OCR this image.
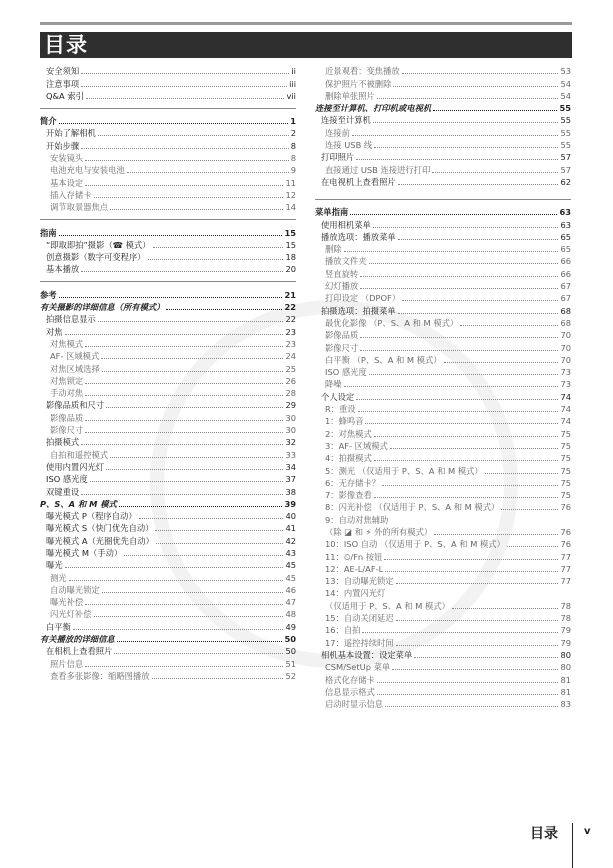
目录
安全须知	ii
注意事项	iii
Q&A 索引	vii
简介	1
开始了解相机	2
开始步骤	8
安装镜头	8
电池充电与安装电池	9
基本设定	11
插入存储卡	12
调节取景器焦点	14
指南	15
“即取即拍”摄影（☎ 模式）	15
创意摄影（数字可变程序）	18
基本播放	20
参考	21
有关摄影的详细信息（所有模式）	22
拍摄信息显示	22
对焦	23
对焦模式	23
AF- 区域模式	24
对焦区域选择	25
对焦锁定	26
手动对焦	28
影像品质和尺寸	29
影像品质	30
影像尺寸	30
拍摄模式	32
自拍和遥控模式	33
使用内置闪光灯	34
ISO 感光度	37
双键重设	38
P、S、A 和 M 模式	39
曝光模式 P（程序自动）	40
曝光模式 S（快门优先自动）	41
曝光模式 A（光圈优先自动）	42
曝光模式 M（手动）	43
曝光	45
测光	45
自动曝光锁定	46
曝光补偿	47
闪光灯补偿	48
白平衡	49
有关播放的详细信息	50
在相机上查看照片	50
照片信息	51
查看多张影像：缩略图播放	52
近景观看：变焦播放	53
保护照片不被删除	54
删除单张照片	54
连接至计算机、打印机或电视机	55
连接至计算机	55
连接前	55
连接 USB 线	55
打印照片	57
直接通过 USB 连接进行打印	57
在电视机上查看照片	62
菜单指南	63
使用相机菜单	63
播放选项：播放菜单	65
删除	65
播放文件夹	66
竖直旋转	66
幻灯播放	67
打印设定 （DPOF）	67
拍摄选项：拍摄菜单	68
最优化影像 （P、S、A 和 M 模式）	68
影像品质	70
影像尺寸	70
白平衡 （P、S、A 和 M 模式）	70
ISO 感光度	73
降噪	73
个人设定	74
R：重设	74
1：蜂鸣音	74
2：对焦模式	75
3：AF- 区域模式	75
4：拍摄模式	75
5：测光 （仅适用于 P、S、A 和 M 模式）	75
6：无存储卡？	75
7：影像查看	75
8：闪光补偿 （仅适用于 P、S、A 和 M 模式）	76
9：自动对焦辅助
（除 ◪ 和 ⚡ 外的所有模式）	76
10：ISO 自动 （仅适用于 P、S、A 和 M 模式）	76
11：⏲/Fn 按钮	77
12：AE-L/AF-L	77
13：自动曝光锁定	77
14：内置闪光灯
（仅适用于 P、S、A 和 M 模式）	78
15：自动关闭延迟	78
16：自拍	79
17：遥控持续时间	79
相机基本设置：设定菜单	80
CSM/SetUp 菜单	80
格式化存储卡	81
信息显示格式	81
启动时显示信息	83
目录	v
